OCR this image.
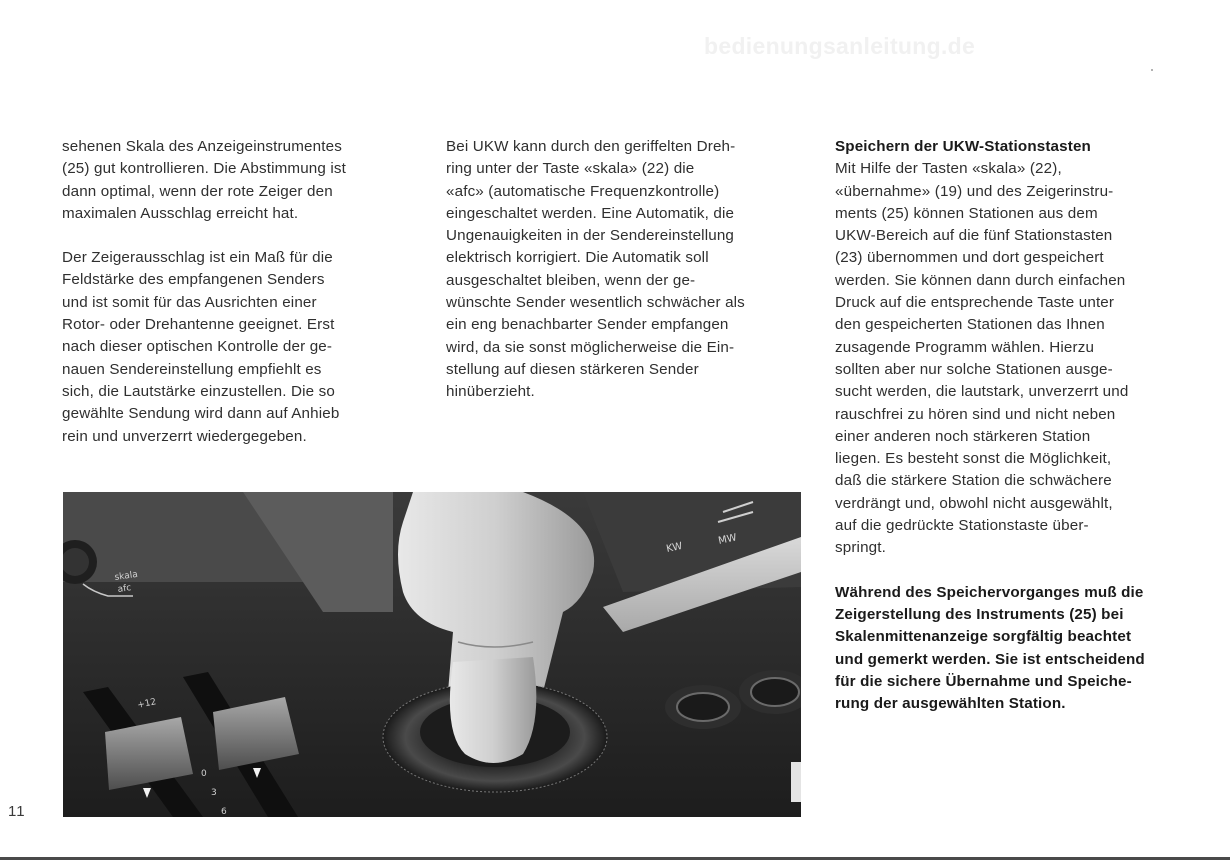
bedienungsanleitung.de

sehenen Skala des Anzeigeinstrumentes
(25) gut kontrollieren. Die Abstimmung ist
dann optimal, wenn der rote Zeiger den
maximalen Ausschlag erreicht hat.

Der Zeigerausschlag ist ein Maß für die
Feldstärke des empfangenen Senders
und ist somit für das Ausrichten einer
Rotor- oder Drehantenne geeignet. Erst
nach dieser optischen Kontrolle der ge-
nauen Sendereinstellung empfiehlt es
sich, die Lautstärke einzustellen. Die so
gewählte Sendung wird dann auf Anhieb
rein und unverzerrt wiedergegeben.

Bei UKW kann durch den geriffelten Dreh-
ring unter der Taste «skala» (22) die
«afc» (automatische Frequenzkontrolle)
eingeschaltet werden. Eine Automatik, die
Ungenauigkeiten in der Sendereinstellung
elektrisch korrigiert. Die Automatik soll
ausgeschaltet bleiben, wenn der ge-
wünschte Sender wesentlich schwächer als
ein eng benachbarter Sender empfangen
wird, da sie sonst möglicherweise die Ein-
stellung auf diesen stärkeren Sender
hinüberzieht.

Speichern der UKW-Stationstasten
Mit Hilfe der Tasten «skala» (22),
«übernahme» (19) und des Zeigerinstru-
ments (25) können Stationen aus dem
UKW-Bereich auf die fünf Stationstasten
(23) übernommen und dort gespeichert
werden. Sie können dann durch einfachen
Druck auf die entsprechende Taste unter
den gespeicherten Stationen das Ihnen
zusagende Programm wählen. Hierzu
sollten aber nur solche Stationen ausge-
sucht werden, die lautstark, unverzerrt und
rauschfrei zu hören sind und nicht neben
einer anderen noch stärkeren Station
liegen. Es besteht sonst die Möglichkeit,
daß die stärkere Station die schwächere
verdrängt und, obwohl nicht ausgewählt,
auf die gedrückte Stationstaste über-
springt.

Während des Speichervorganges muß die
Zeigerstellung des Instruments (25) bei
Skalenmittenanzeige sorgfältig beachtet
und gemerkt werden. Sie ist entscheidend
für die sichere Übernahme und Speiche-
rung der ausgewählten Station.

skala
afc
KW
MW
+12
0
3
6
11
